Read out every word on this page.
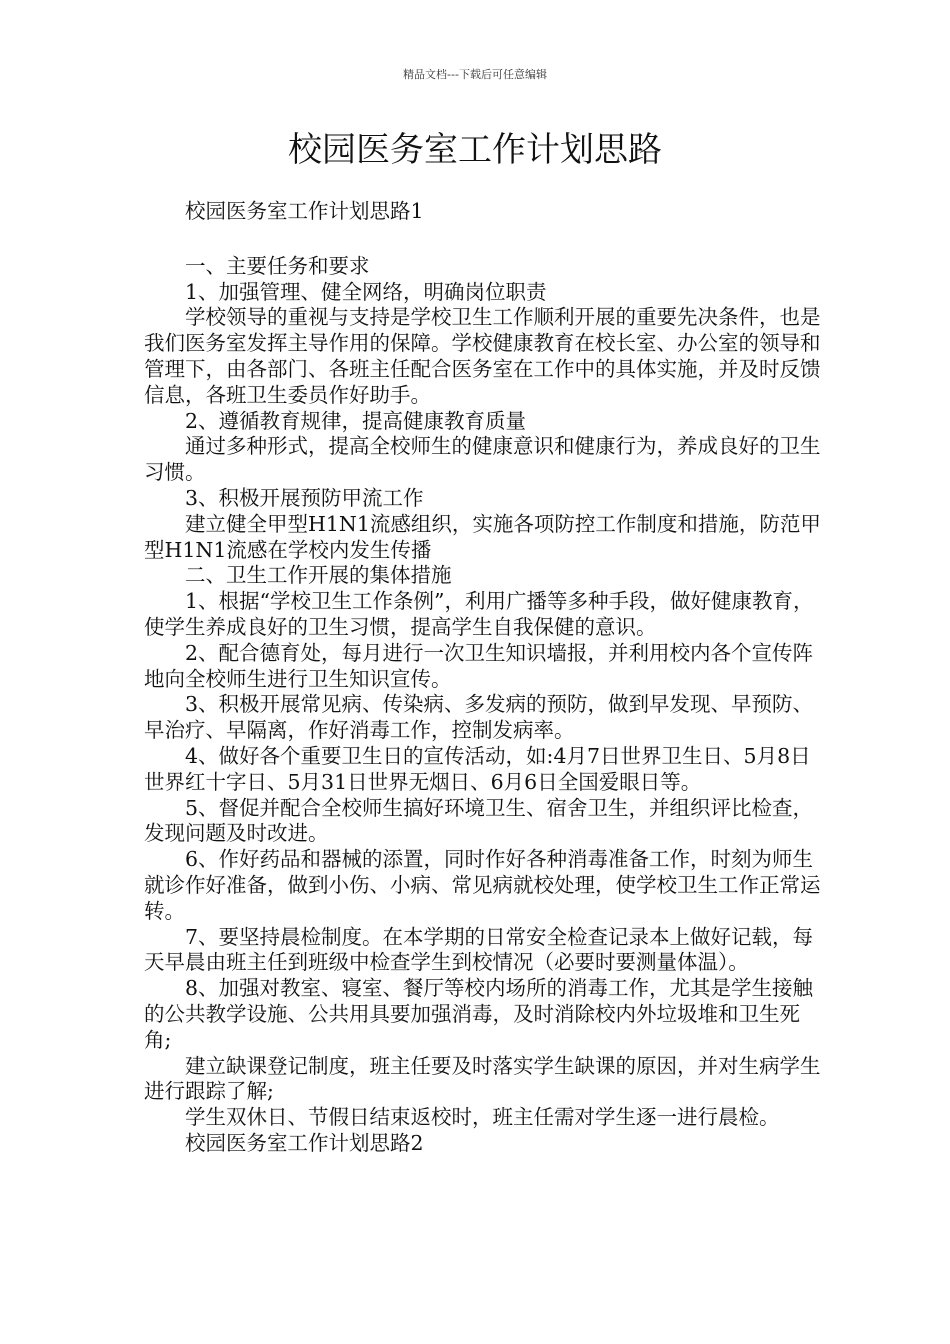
精品文档---下载后可任意编辑
校园医务室工作计划思路

校园医务室工作计划思路1

一、主要任务和要求

1、加强管理、健全网络，明确岗位职责

学校领导的重视与支持是学校卫生工作顺利开展的重要先决条件，也是我们医务室发挥主导作用的保障。学校健康教育在校长室、办公室的领导和管理下，由各部门、各班主任配合医务室在工作中的具体实施，并及时反馈信息，各班卫生委员作好助手。

2、遵循教育规律，提高健康教育质量

通过多种形式，提高全校师生的健康意识和健康行为，养成良好的卫生习惯。

3、积极开展预防甲流工作

建立健全甲型H1N1流感组织，实施各项防控工作制度和措施，防范甲型H1N1流感在学校内发生传播

二、卫生工作开展的集体措施

1、根据“学校卫生工作条例”，利用广播等多种手段，做好健康教育，使学生养成良好的卫生习惯，提高学生自我保健的意识。

2、配合德育处，每月进行一次卫生知识墙报，并利用校内各个宣传阵地向全校师生进行卫生知识宣传。

3、积极开展常见病、传染病、多发病的预防，做到早发现、早预防、早治疗、早隔离，作好消毒工作，控制发病率。

4、做好各个重要卫生日的宣传活动，如:4月7日世界卫生日、5月8日世界红十字日、5月31日世界无烟日、6月6日全国爱眼日等。

5、督促并配合全校师生搞好环境卫生、宿舍卫生，并组织评比检查，发现问题及时改进。

6、作好药品和器械的添置，同时作好各种消毒准备工作，时刻为师生就诊作好准备，做到小伤、小病、常见病就校处理，使学校卫生工作正常运转。

7、要坚持晨检制度。在本学期的日常安全检查记录本上做好记载，每天早晨由班主任到班级中检查学生到校情况（必要时要测量体温）。

8、加强对教室、寝室、餐厅等校内场所的消毒工作，尤其是学生接触的公共教学设施、公共用具要加强消毒，及时消除校内外垃圾堆和卫生死角;

建立缺课登记制度，班主任要及时落实学生缺课的原因，并对生病学生进行跟踪了解;

学生双休日、节假日结束返校时，班主任需对学生逐一进行晨检。

校园医务室工作计划思路2
